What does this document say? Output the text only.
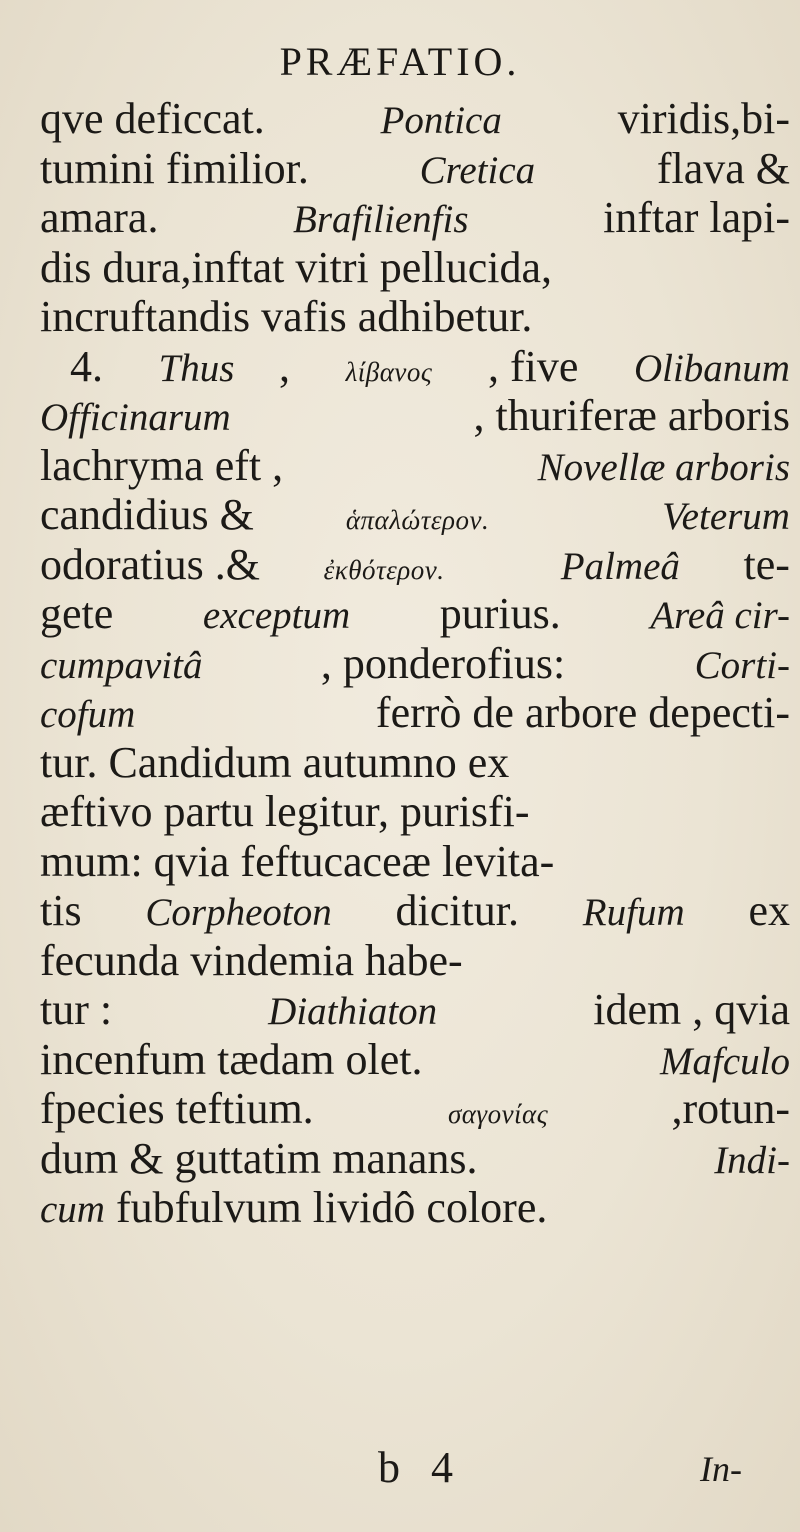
PRÆFATIO.
qve deficcat.	Pontica viridis,bi-
tumini fimilior.	Cretica	flava &
amara.	Brafilienfis	inftar lapi-
dis dura,inftat vitri pellucida,
incruftandis vafis adhibetur.
4. Thus , λίβανος , five Olibanum
Officinarum	, thuriferæ arboris
lachryma eft ,	Novellæ arboris
candidius &	ἁπαλώτερον.
	Veterum
odoratius .& ἐκθότερον.
	Palmeâ te-
gete exceptum purius. Areâ cir-
cumpavitâ	, ponderofius:	Corti-
cofum	ferrò de arbore depecti-
tur. Candidum autumno ex
æftivo partu legitur, purisfi-
mum: qvia feftucaceæ levita-
tis Corpheoton dicitur. Rufum ex
fecunda vindemia habe-
tur :	Diathiaton	idem , qvia
incenfum tædam olet.	Mafculo
fpecies teftium.	σαγονίας	,rotun-
dum & guttatim manans.	Indi-
cum fubfulvum lividô colore.
b 4	In-
